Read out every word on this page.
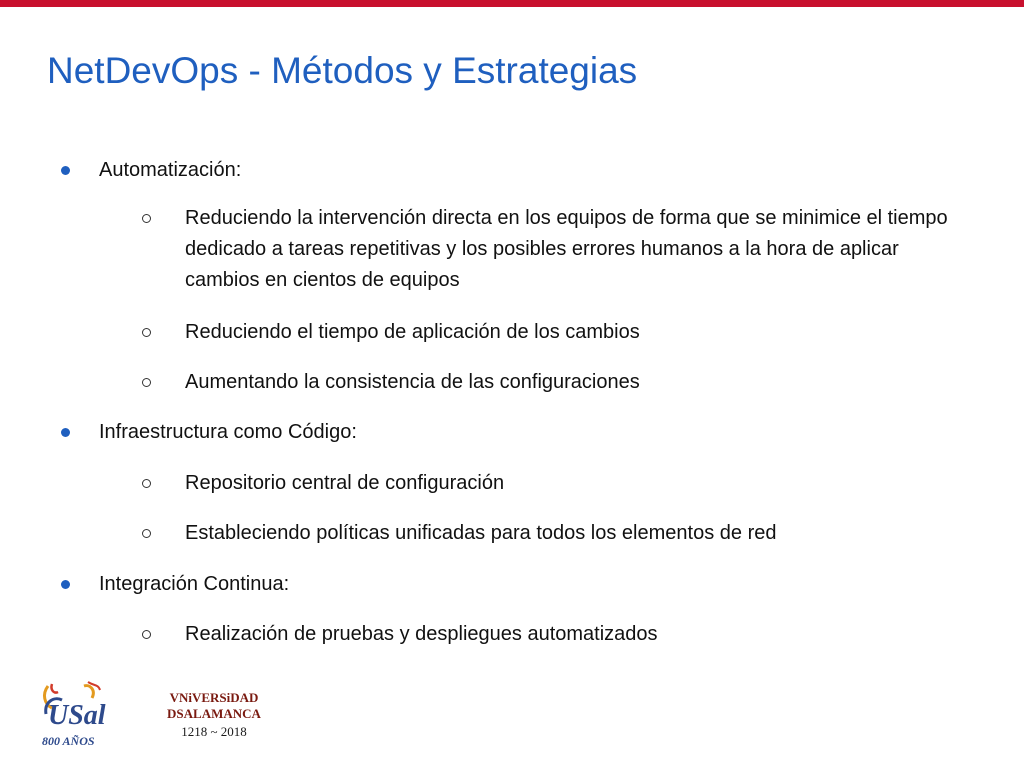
NetDevOps - Métodos y Estrategias
Automatización:
Reduciendo la intervención directa en los equipos de forma que se minimice el tiempo dedicado a tareas repetitivas y los posibles errores humanos a la hora de aplicar cambios en cientos de equipos
Reduciendo el tiempo de aplicación de los cambios
Aumentando la consistencia de las configuraciones
Infraestructura como Código:
Repositorio central de configuración
Estableciendo políticas unificadas para todos los elementos de red
Integración Continua:
Realización de pruebas y despliegues automatizados
USal
800 AÑOS
VNiVERSiDAD
DSALAMANCA
1218 ~ 2018
